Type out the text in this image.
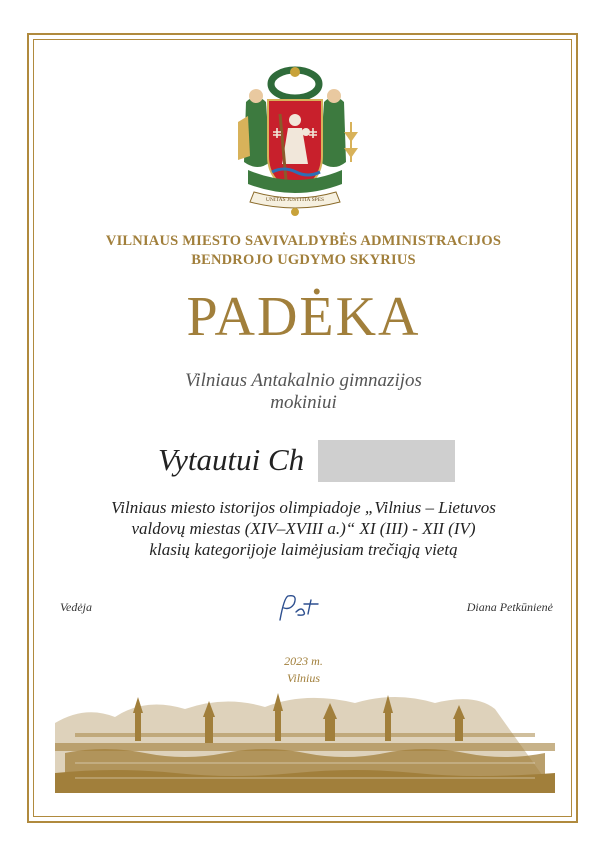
UNITAS JUSTITIA SPES
VILNIAUS MIESTO SAVIVALDYBĖS ADMINISTRACIJOS
BENDROJO UGDYMO SKYRIUS
PADĖKA
Vilniaus Antakalnio gimnazijos
mokiniui
Vytautui Ch
Vilniaus miesto istorijos olimpiadoje „Vilnius – Lietuvos
valdovų miestas (XIV–XVIII a.)“ XI (III) - XII (IV)
klasių kategorijoje laimėjusiam trečiąją vietą
Vedėja	Diana Petkūnienė
2023 m.
Vilnius
